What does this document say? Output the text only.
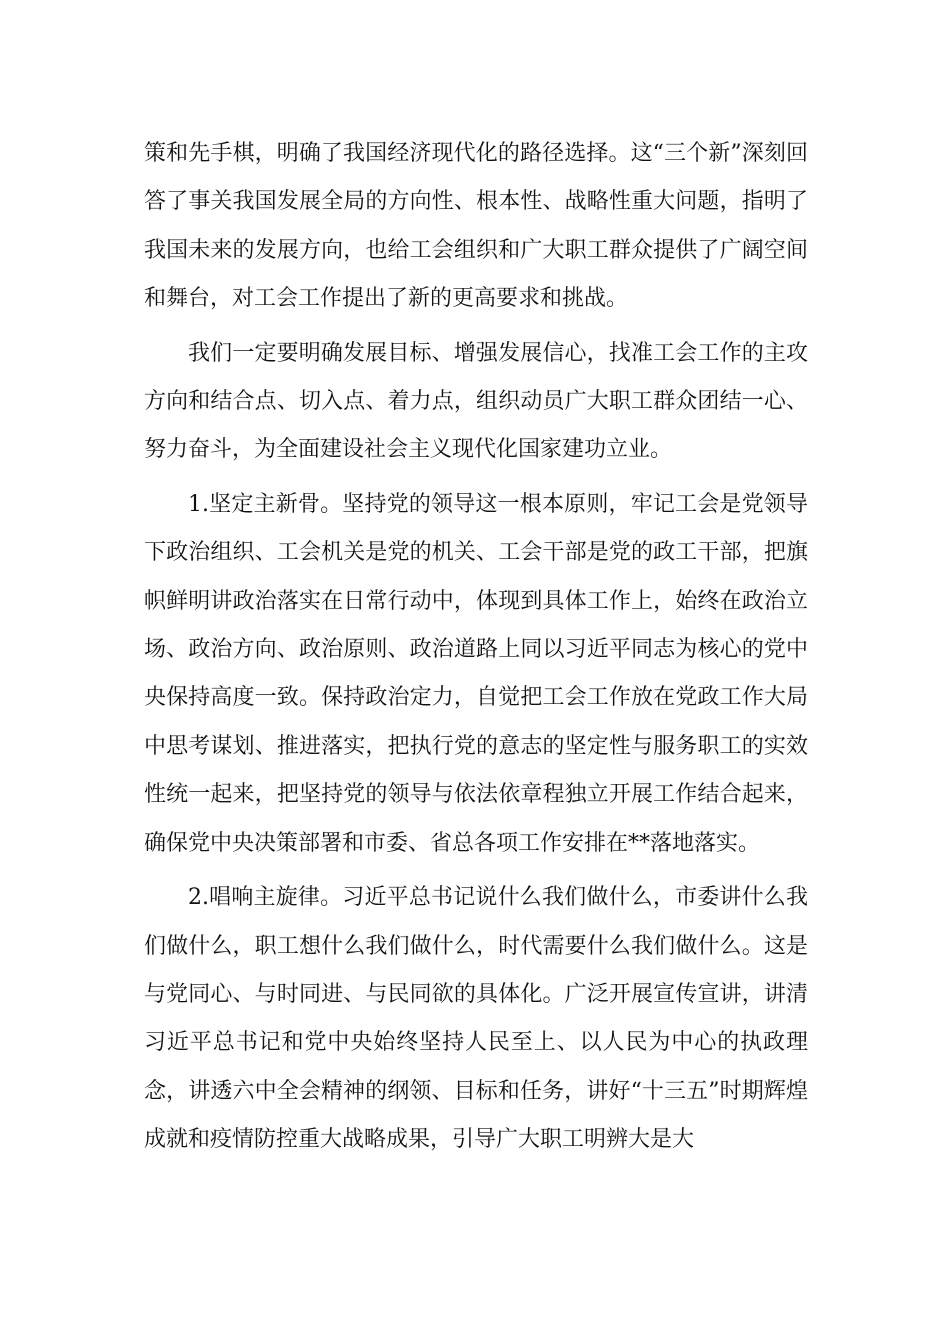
策和先手棋，明确了我国经济现代化的路径选择。这“三个新”深刻回答了事关我国发展全局的方向性、根本性、战略性重大问题，指明了我国未来的发展方向，也给工会组织和广大职工群众提供了广阔空间和舞台，对工会工作提出了新的更高要求和挑战。

我们一定要明确发展目标、增强发展信心，找准工会工作的主攻方向和结合点、切入点、着力点，组织动员广大职工群众团结一心、努力奋斗，为全面建设社会主义现代化国家建功立业。

1.坚定主新骨。坚持党的领导这一根本原则，牢记工会是党领导下政治组织、工会机关是党的机关、工会干部是党的政工干部，把旗帜鲜明讲政治落实在日常行动中，体现到具体工作上，始终在政治立场、政治方向、政治原则、政治道路上同以习近平同志为核心的党中央保持高度一致。保持政治定力，自觉把工会工作放在党政工作大局中思考谋划、推进落实，把执行党的意志的坚定性与服务职工的实效性统一起来，把坚持党的领导与依法依章程独立开展工作结合起来，确保党中央决策部署和市委、省总各项工作安排在**落地落实。

2.唱响主旋律。习近平总书记说什么我们做什么，市委讲什么我们做什么，职工想什么我们做什么，时代需要什么我们做什么。这是与党同心、与时同进、与民同欲的具体化。广泛开展宣传宣讲，讲清习近平总书记和党中央始终坚持人民至上、以人民为中心的执政理念，讲透六中全会精神的纲领、目标和任务，讲好“十三五”时期辉煌成就和疫情防控重大战略成果，引导广大职工明辨大是大
